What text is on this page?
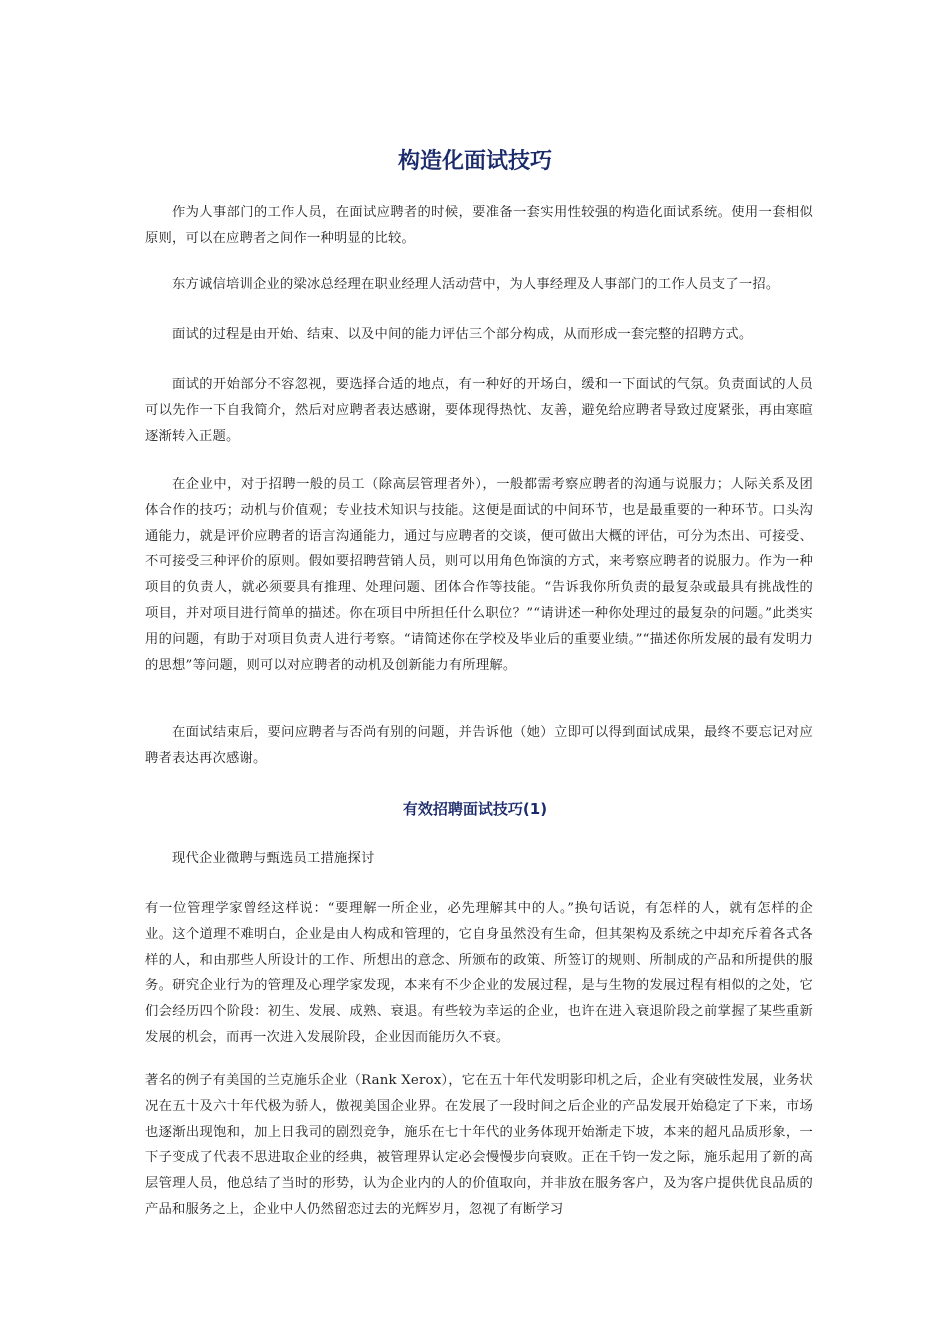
构造化面试技巧
作为人事部门的工作人员，在面试应聘者的时候，要准备一套实用性较强的构造化面试系统。使用一套相似原则，可以在应聘者之间作一种明显的比较。
东方诚信培训企业的梁冰总经理在职业经理人活动营中，为人事经理及人事部门的工作人员支了一招。
面试的过程是由开始、结束、以及中间的能力评估三个部分构成，从而形成一套完整的招聘方式。
面试的开始部分不容忽视，要选择合适的地点，有一种好的开场白，缓和一下面试的气氛。负责面试的人员可以先作一下自我简介，然后对应聘者表达感谢，要体现得热忱、友善，避免给应聘者导致过度紧张，再由寒暄逐渐转入正题。
在企业中，对于招聘一般的员工（除高层管理者外），一般都需考察应聘者的沟通与说服力；人际关系及团体合作的技巧；动机与价值观；专业技术知识与技能。这便是面试的中间环节，也是最重要的一种环节。口头沟通能力，就是评价应聘者的语言沟通能力，通过与应聘者的交谈，便可做出大概的评估，可分为杰出、可接受、不可接受三种评价的原则。假如要招聘营销人员，则可以用角色饰演的方式，来考察应聘者的说服力。作为一种项目的负责人，就必须要具有推理、处理问题、团体合作等技能。“告诉我你所负责的最复杂或最具有挑战性的项目，并对项目进行简单的描述。你在项目中所担任什么职位？”“请讲述一种你处理过的最复杂的问题。”此类实用的问题，有助于对项目负责人进行考察。“请简述你在学校及毕业后的重要业绩。”“描述你所发展的最有发明力的思想”等问题，则可以对应聘者的动机及创新能力有所理解。
在面试结束后，要问应聘者与否尚有别的问题，并告诉他（她）立即可以得到面试成果，最终不要忘记对应聘者表达再次感谢。
有效招聘面试技巧(1)
现代企业微聘与甄选员工措施探讨
有一位管理学家曾经这样说：“要理解一所企业，必先理解其中的人。”换句话说，有怎样的人，就有怎样的企业。这个道理不难明白，企业是由人构成和管理的，它自身虽然没有生命，但其架构及系统之中却充斥着各式各样的人，和由那些人所设计的工作、所想出的意念、所颁布的政策、所签订的规则、所制成的产品和所提供的服务。研究企业行为的管理及心理学家发现，本来有不少企业的发展过程，是与生物的发展过程有相似的之处，它们会经历四个阶段：初生、发展、成熟、衰退。有些较为幸运的企业，也许在进入衰退阶段之前掌握了某些重新发展的机会，而再一次进入发展阶段，企业因而能历久不衰。
著名的例子有美国的兰克施乐企业（Rank Xerox），它在五十年代发明影印机之后，企业有突破性发展，业务状况在五十及六十年代极为骄人，傲视美国企业界。在发展了一段时间之后企业的产品发展开始稳定了下来，市场也逐渐出现饱和，加上日我司的剧烈竞争，施乐在七十年代的业务体现开始渐走下坡，本来的超凡品质形象，一下子变成了代表不思进取企业的经典，被管理界认定必会慢慢步向衰败。正在千钧一发之际，施乐起用了新的高层管理人员，他总结了当时的形势，认为企业内的人的价值取向，并非放在服务客户，及为客户提供优良品质的产品和服务之上，企业中人仍然留恋过去的光辉岁月，忽视了有断学习
